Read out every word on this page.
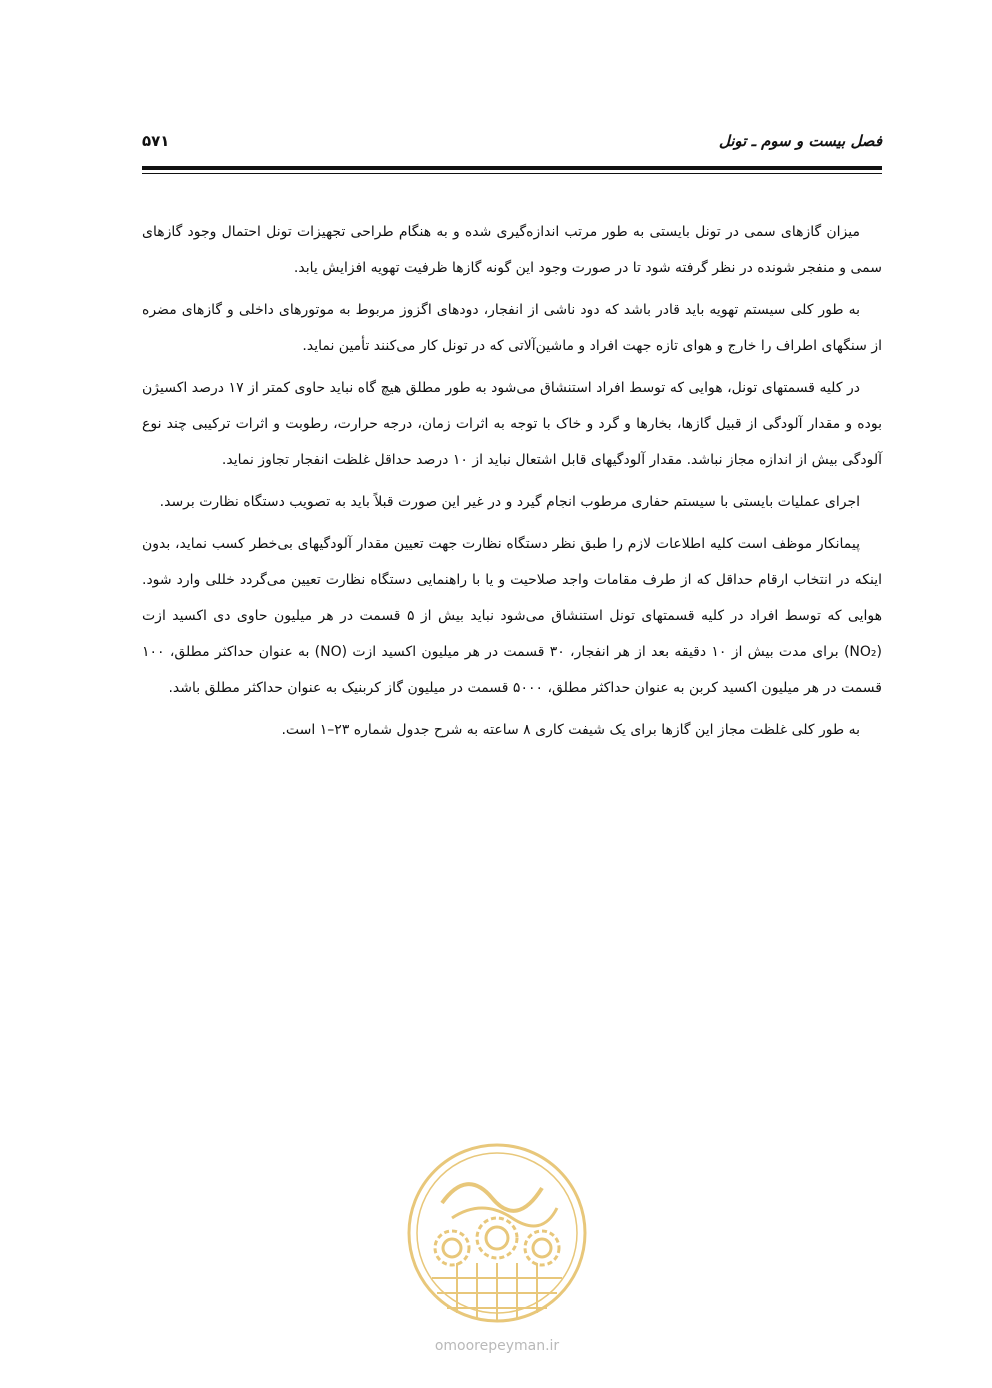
فصل بیست و سوم ـ تونل
۵۷۱

میزان گازهای سمی در تونل بایستی به طور مرتب اندازه‌گیری شده و به هنگام طراحی تجهیزات تونل احتمال وجود گازهای سمی و منفجر شونده در نظر گرفته شود تا در صورت وجود این گونه گازها ظرفیت تهویه افزایش یابد.

به طور کلی سیستم تهویه باید قادر باشد که دود ناشی از انفجار، دودهای اگزوز مربوط به موتورهای داخلی و گازهای مضره از سنگهای اطراف را خارج و هوای تازه جهت افراد و ماشین‌آلاتی که در تونل کار می‌کنند تأمین نماید.

در کلیه قسمتهای تونل، هوایی که توسط افراد استنشاق می‌شود به طور مطلق هیچ گاه نباید حاوی کمتر از ۱۷ درصد اکسیژن بوده و مقدار آلودگی از قبیل گازها، بخارها و گرد و خاک با توجه به اثرات زمان، درجه حرارت، رطوبت و اثرات ترکیبی چند نوع آلودگی بیش از اندازه مجاز نباشد. مقدار آلودگیهای قابل اشتعال نباید از ۱۰ درصد حداقل غلظت انفجار تجاوز نماید.

اجرای عملیات بایستی با سیستم حفاری مرطوب انجام گیرد و در غیر این صورت قبلاً باید به تصویب دستگاه نظارت برسد.

پیمانکار موظف است کلیه اطلاعات لازم را طبق نظر دستگاه نظارت جهت تعیین مقدار آلودگیهای بی‌خطر کسب نماید، بدون اینکه در انتخاب ارقام حداقل که از طرف مقامات واجد صلاحیت و یا با راهنمایی دستگاه نظارت تعیین می‌گردد خللی وارد شود. هوایی که توسط افراد در کلیه قسمتهای تونل استنشاق می‌شود نباید بیش از ۵ قسمت در هر میلیون حاوی دی اکسید ازت (NO₂) برای مدت بیش از ۱۰ دقیقه بعد از هر انفجار، ۳۰ قسمت در هر میلیون اکسید ازت (NO) به عنوان حداکثر مطلق، ۱۰۰ قسمت در هر میلیون اکسید کربن به عنوان حداکثر مطلق، ۵۰۰۰ قسمت در میلیون گاز کربنیک به عنوان حداکثر مطلق باشد.

به طور کلی غلظت مجاز این گازها برای یک شیفت کاری ۸ ساعته به شرح جدول شماره ۲۳–۱ است.

omoorepeyman.ir
